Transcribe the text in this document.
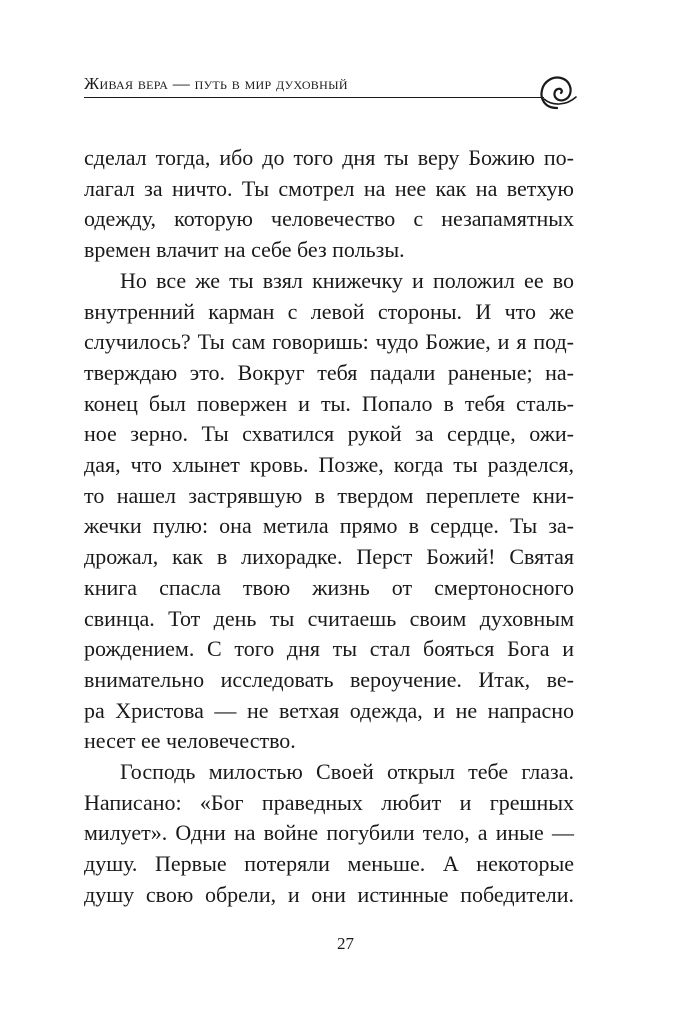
Живая вера — путь в мир духовный

сделал тогда, ибо до того дня ты веру Божию по-
лагал за ничто. Ты смотрел на нее как на ветхую
одежду, которую человечество с незапамятных
времен влачит на себе без пользы.

Но все же ты взял книжечку и положил ее во
внутренний карман с левой стороны. И что же
случилось? Ты сам говоришь: чудо Божие, и я под-
тверждаю это. Вокруг тебя падали раненые; на-
конец был повержен и ты. Попало в тебя сталь-
ное зерно. Ты схватился рукой за сердце, ожи-
дая, что хлынет кровь. Позже, когда ты разделся,
то нашел застрявшую в твердом переплете кни-
жечки пулю: она метила прямо в сердце. Ты за-
дрожал, как в лихорадке. Перст Божий! Святая
книга спасла твою жизнь от смертоносного
свинца. Тот день ты считаешь своим духовным
рождением. С того дня ты стал бояться Бога и
внимательно исследовать вероучение. Итак, ве-
ра Христова — не ветхая одежда, и не напрасно
несет ее человечество.

Господь милостью Своей открыл тебе глаза.
Написано: «Бог праведных любит и грешных
милует». Одни на войне погубили тело, а иные —
душу. Первые потеряли меньше. А некоторые
душу свою обрели, и они истинные победители.

27
